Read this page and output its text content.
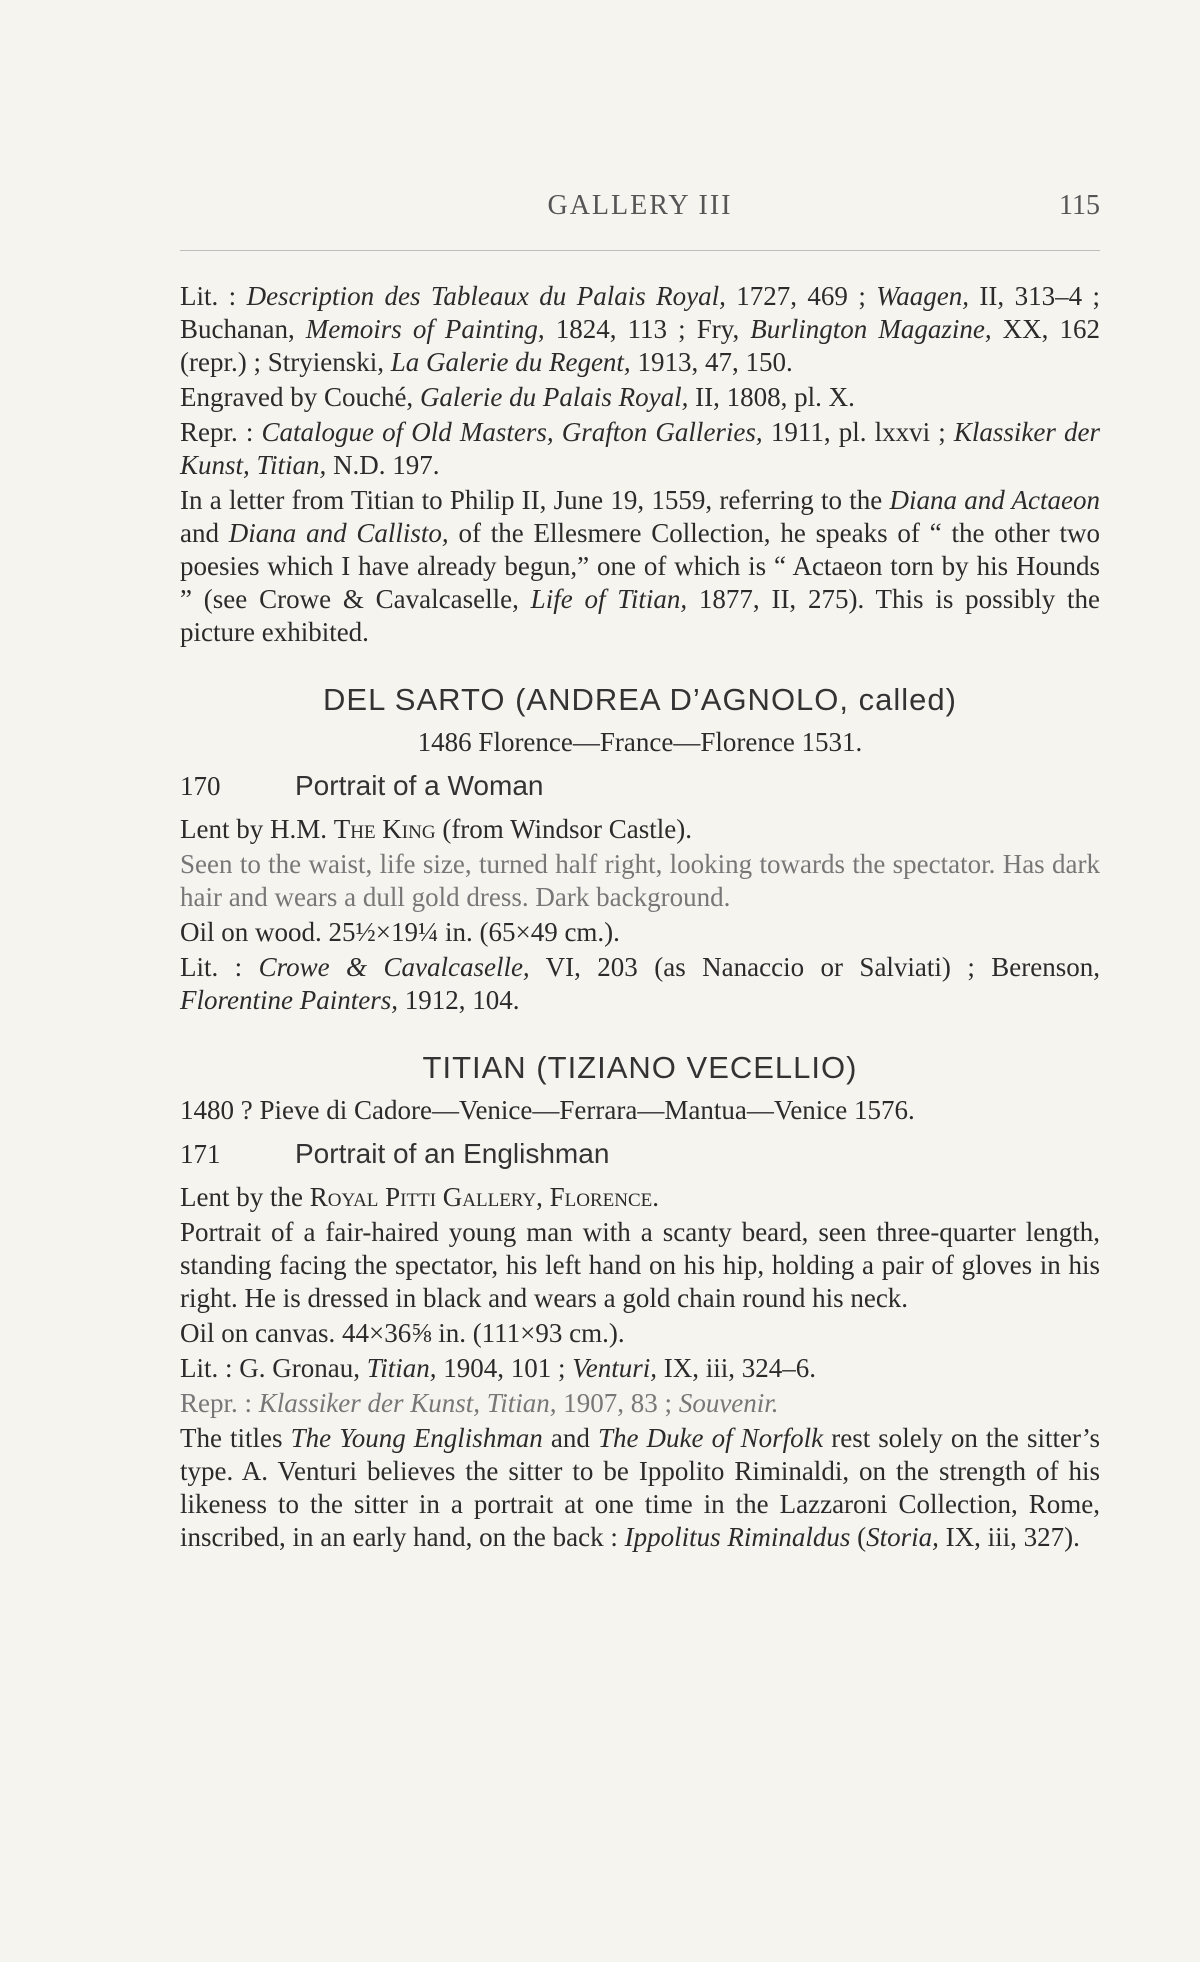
GALLERY III	115

Lit. : Description des Tableaux du Palais Royal, 1727, 469 ; Waagen, II, 313–4 ; Buchanan, Memoirs of Painting, 1824, 113 ; Fry, Burlington Magazine, XX, 162 (repr.) ; Stryienski, La Galerie du Regent, 1913, 47, 150.

Engraved by Couché, Galerie du Palais Royal, II, 1808, pl. X.

Repr. : Catalogue of Old Masters, Grafton Galleries, 1911, pl. lxxvi ; Klassiker der Kunst, Titian, N.D. 197.

In a letter from Titian to Philip II, June 19, 1559, referring to the Diana and Actaeon and Diana and Callisto, of the Ellesmere Collection, he speaks of “ the other two poesies which I have already begun,” one of which is “ Actaeon torn by his Hounds ” (see Crowe & Cavalcaselle, Life of Titian, 1877, II, 275). This is possibly the picture exhibited.

DEL SARTO (ANDREA D’AGNOLO, called)
1486 Florence—France—Florence 1531.
170	Portrait of a Woman

Lent by H.M. The King (from Windsor Castle).

Seen to the waist, life size, turned half right, looking towards the spectator. Has dark hair and wears a dull gold dress. Dark background.

Oil on wood. 25½×19¼ in. (65×49 cm.).

Lit. : Crowe & Cavalcaselle, VI, 203 (as Nanaccio or Salviati) ; Berenson, Florentine Painters, 1912, 104.

TITIAN (TIZIANO VECELLIO)
1480 ? Pieve di Cadore—Venice—Ferrara—Mantua—Venice 1576.
171	Portrait of an Englishman

Lent by the Royal Pitti Gallery, Florence.

Portrait of a fair-haired young man with a scanty beard, seen three-quarter length, standing facing the spectator, his left hand on his hip, holding a pair of gloves in his right. He is dressed in black and wears a gold chain round his neck.

Oil on canvas. 44×36⅝ in. (111×93 cm.).

Lit. : G. Gronau, Titian, 1904, 101 ; Venturi, IX, iii, 324–6.

Repr. : Klassiker der Kunst, Titian, 1907, 83 ; Souvenir.

The titles The Young Englishman and The Duke of Norfolk rest solely on the sitter’s type. A. Venturi believes the sitter to be Ippolito Riminaldi, on the strength of his likeness to the sitter in a portrait at one time in the Lazzaroni Collection, Rome, inscribed, in an early hand, on the back : Ippolitus Riminaldus (Storia, IX, iii, 327).
